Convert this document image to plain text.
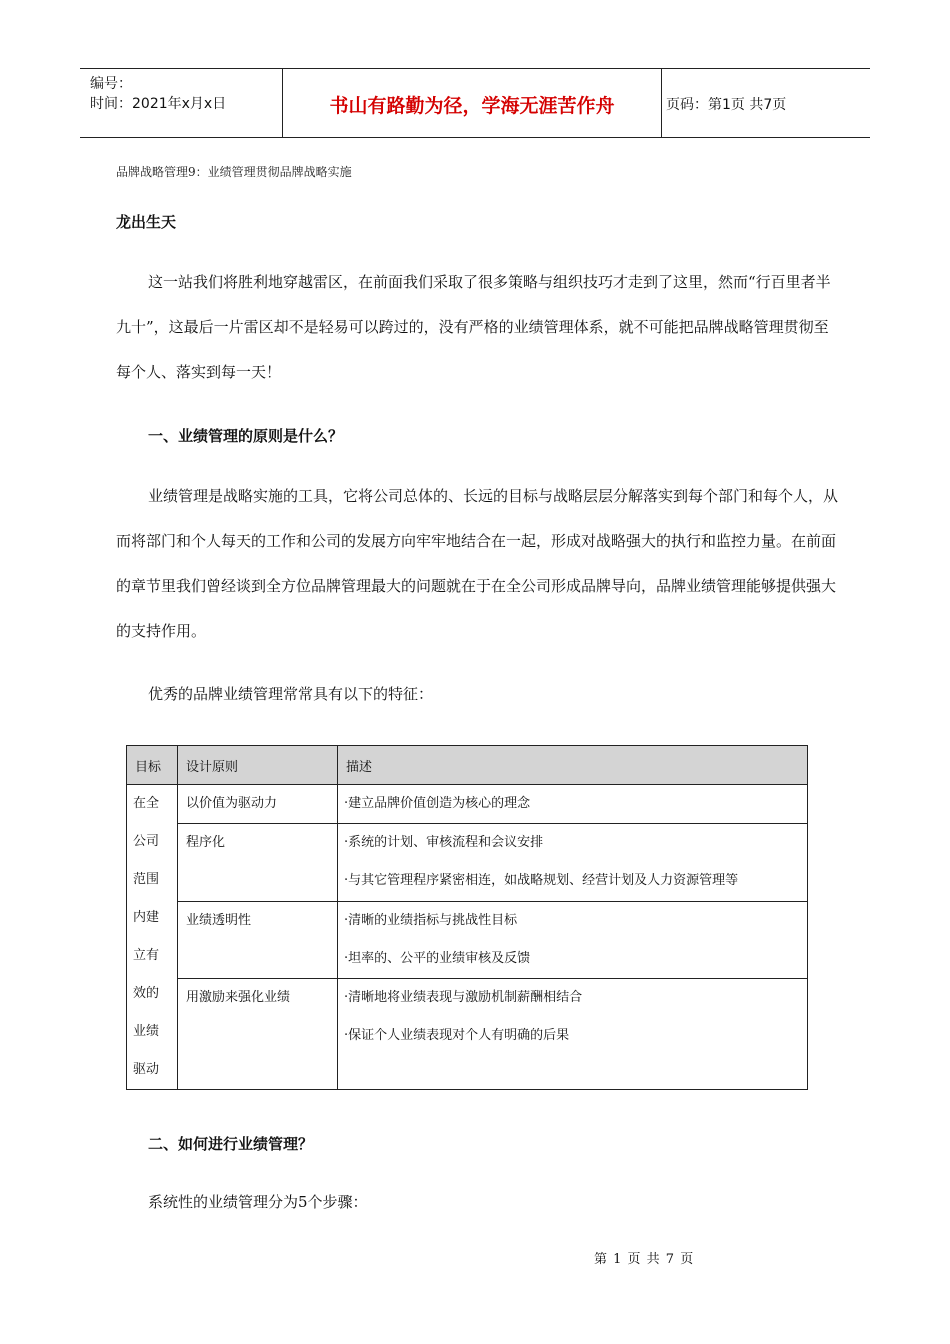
编号：
时间：2021年x月x日	书山有路勤为径，学海无涯苦作舟	页码：第1页 共7页
品牌战略管理9：业绩管理贯彻品牌战略实施
龙出生天
这一站我们将胜利地穿越雷区，在前面我们采取了很多策略与组织技巧才走到了这里，然而“行百里者半九十”，这最后一片雷区却不是轻易可以跨过的，没有严格的业绩管理体系，就不可能把品牌战略管理贯彻至每个人、落实到每一天！
一、业绩管理的原则是什么？
业绩管理是战略实施的工具，它将公司总体的、长远的目标与战略层层分解落实到每个部门和每个人，从而将部门和个人每天的工作和公司的发展方向牢牢地结合在一起，形成对战略强大的执行和监控力量。在前面的章节里我们曾经谈到全方位品牌管理最大的问题就在于在全公司形成品牌导向，品牌业绩管理能够提供强大的支持作用。
优秀的品牌业绩管理常常具有以下的特征：
目标	设计原则	描述
在全公司范围内建立有效的业绩驱动	以价值为驱动力	·建立品牌价值创造为核心的理念

	程序化	·系统的计划、审核流程和会议安排
·与其它管理程序紧密相连，如战略规划、经营计划及人力资源管理等

	业绩透明性	·清晰的业绩指标与挑战性目标
·坦率的、公平的业绩审核及反馈

	用激励来强化业绩	·清晰地将业绩表现与激励机制薪酬相结合
·保证个人业绩表现对个人有明确的后果
二、如何进行业绩管理？
系统性的业绩管理分为5个步骤：
第 1 页 共 7 页
